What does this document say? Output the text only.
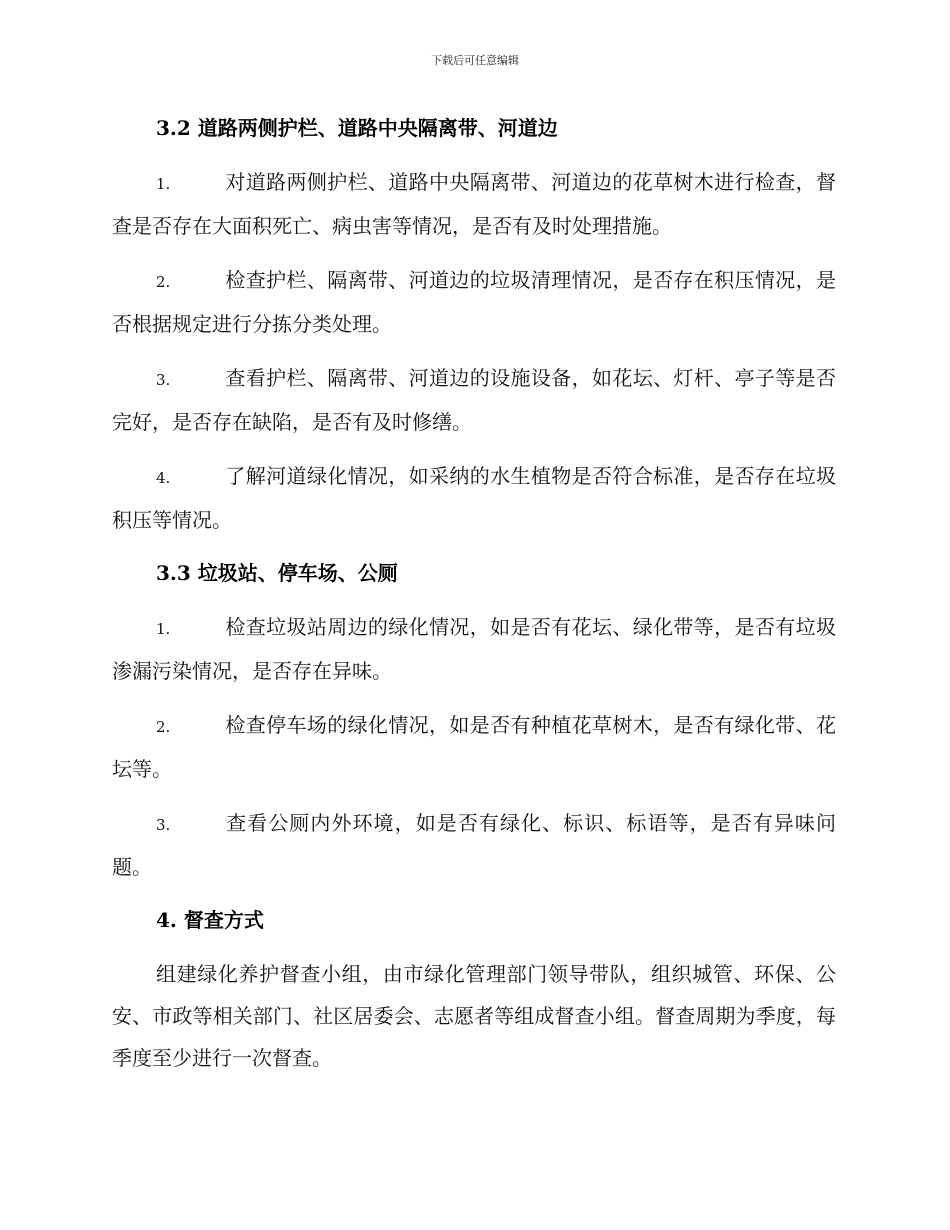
下载后可任意编辑
3.2 道路两侧护栏、道路中央隔离带、河道边
1.	对道路两侧护栏、道路中央隔离带、河道边的花草树木进行检查，督查是否存在大面积死亡、病虫害等情况，是否有及时处理措施。
2.	检查护栏、隔离带、河道边的垃圾清理情况，是否存在积压情况，是否根据规定进行分拣分类处理。
3.	查看护栏、隔离带、河道边的设施设备，如花坛、灯杆、亭子等是否完好，是否存在缺陷，是否有及时修缮。
4.	了解河道绿化情况，如采纳的水生植物是否符合标准，是否存在垃圾积压等情况。
3.3 垃圾站、停车场、公厕
1.	检查垃圾站周边的绿化情况，如是否有花坛、绿化带等，是否有垃圾渗漏污染情况，是否存在异味。
2.	检查停车场的绿化情况，如是否有种植花草树木，是否有绿化带、花坛等。
3.	查看公厕内外环境，如是否有绿化、标识、标语等，是否有异味问题。
4. 督查方式

组建绿化养护督查小组，由市绿化管理部门领导带队，组织城管、环保、公安、市政等相关部门、社区居委会、志愿者等组成督查小组。督查周期为季度，每季度至少进行一次督查。
